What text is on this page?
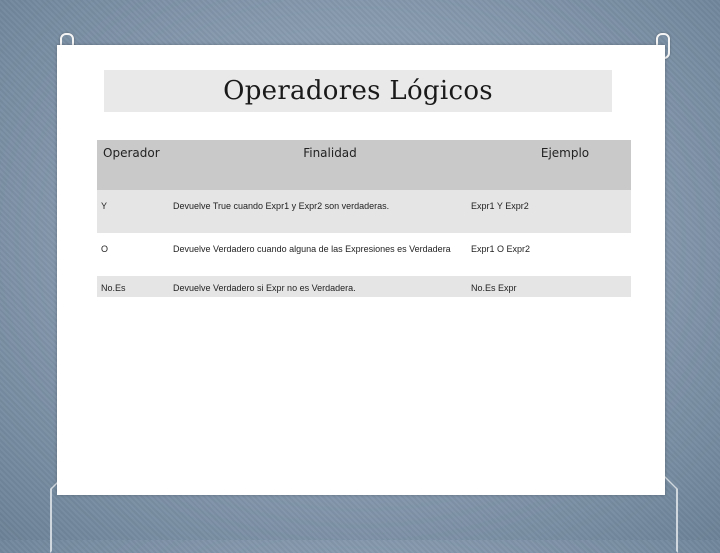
Operadores Lógicos
Operador	Finalidad	Ejemplo
Y	Devuelve True cuando Expr1 y Expr2 son verdaderas.	Expr1 Y Expr2
O	Devuelve Verdadero cuando alguna de las Expresiones es Verdadera	Expr1 O Expr2
No.Es	Devuelve Verdadero si Expr no es Verdadera.	No.Es Expr
